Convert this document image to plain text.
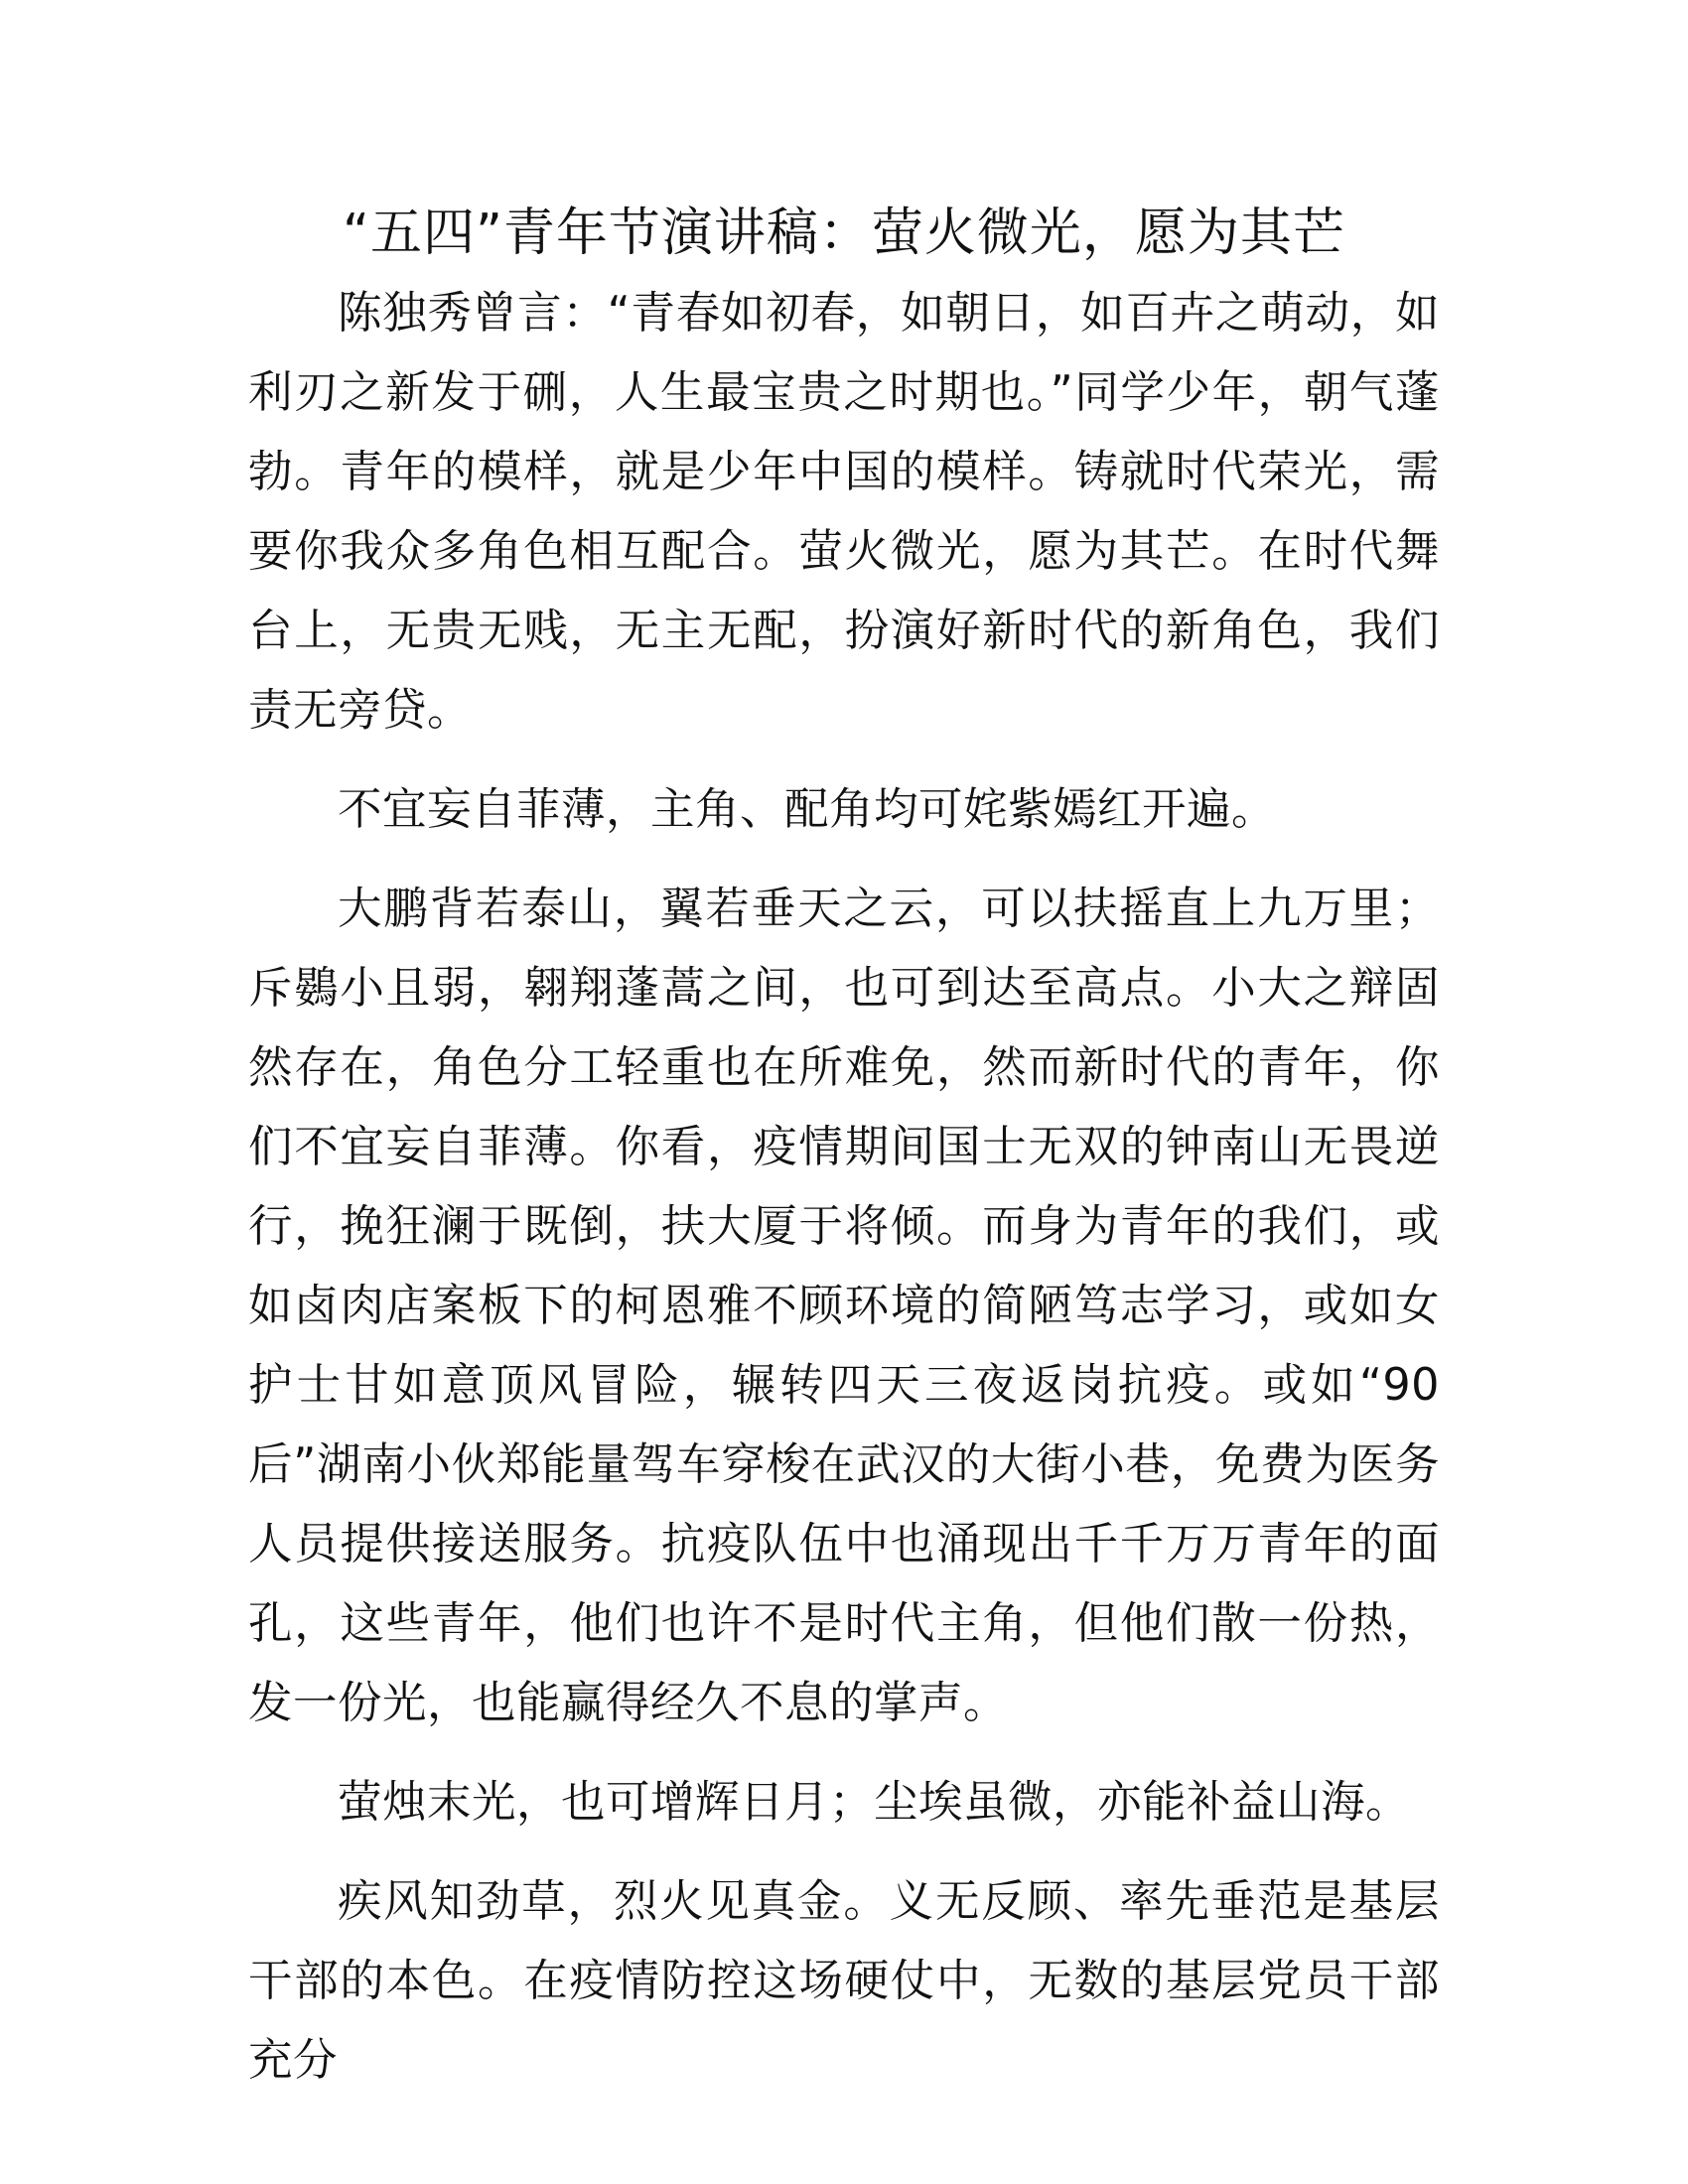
“五四”青年节演讲稿：萤火微光，愿为其芒

陈独秀曾言：“青春如初春，如朝日，如百卉之萌动，如利刃之新发于硎，人生最宝贵之时期也。”同学少年，朝气蓬勃。青年的模样，就是少年中国的模样。铸就时代荣光，需要你我众多角色相互配合。萤火微光，愿为其芒。在时代舞台上，无贵无贱，无主无配，扮演好新时代的新角色，我们责无旁贷。

不宜妄自菲薄，主角、配角均可姹紫嫣红开遍。

大鹏背若泰山，翼若垂天之云，可以扶摇直上九万里；斥鷃小且弱，翱翔蓬蒿之间，也可到达至高点。小大之辩固然存在，角色分工轻重也在所难免，然而新时代的青年，你们不宜妄自菲薄。你看，疫情期间国士无双的钟南山无畏逆行，挽狂澜于既倒，扶大厦于将倾。而身为青年的我们，或如卤肉店案板下的柯恩雅不顾环境的简陋笃志学习，或如女护士甘如意顶风冒险，辗转四天三夜返岗抗疫。或如“90后”湖南小伙郑能量驾车穿梭在武汉的大街小巷，免费为医务人员提供接送服务。抗疫队伍中也涌现出千千万万青年的面孔，这些青年，他们也许不是时代主角，但他们散一份热，发一份光，也能赢得经久不息的掌声。

萤烛末光，也可增辉日月；尘埃虽微，亦能补益山海。

疾风知劲草，烈火见真金。义无反顾、率先垂范是基层干部的本色。在疫情防控这场硬仗中，无数的基层党员干部充分
